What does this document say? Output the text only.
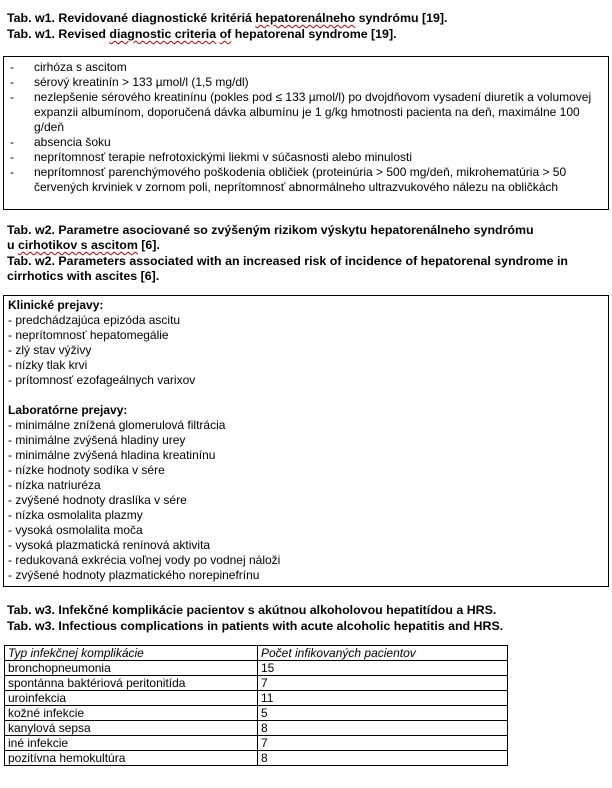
Tab. w1. Revidované diagnostické kritériá hepatorenálneho syndrómu [19].
Tab. w1. Revised diagnostic criteria of hepatorenal syndrome [19].
- cirhóza s ascitom
- sérový kreatinín > 133 µmol/l (1,5 mg/dl)
- nezlepšenie sérového kreatinínu (pokles pod ≤ 133 µmol/l) po dvojdňovom vysadení diuretík a volumovej expanzii albumínom, doporučená dávka albumínu je 1 g/kg hmotnosti pacienta na deň, maximálne 100 g/deň
- absencia šoku
- neprítomnosť terapie nefrotoxickými liekmi v súčasnosti alebo minulosti
- neprítomnosť parenchýmového poškodenia obličiek (proteinúria > 500 mg/deň, mikrohematúria > 50 červených krviniek v zornom poli, neprítomnosť abnormálneho ultrazvukového nálezu na obličkách
Tab. w2. Parametre asociované so zvýšeným rizikom výskytu hepatorenálneho syndrómu
u cirhotikov s ascitom [6].
Tab. w2. Parameters associated with an increased risk of incidence of hepatorenal syndrome in cirrhotics with ascites [6].
Klinické prejavy:
- predchádzajúca epizóda ascitu
- neprítomnosť hepatomegálie
- zlý stav výživy
- nízky tlak krvi
- prítomnosť ezofageálnych varixov
Laboratórne prejavy:
- minimálne znížená glomerulová filtrácia
- minimálne zvýšená hladiny urey
- minimálne zvýšená hladina kreatinínu
- nízke hodnoty sodíka v sére
- nízka natriuréza
- zvýšené hodnoty draslíka v sére
- nízka osmolalita plazmy
- vysoká osmolalita moča
- vysoká plazmatická renínová aktivita
- redukovaná exkrécia voľnej vody po vodnej náloži
- zvýšené hodnoty plazmatického norepinefrínu
Tab. w3. Infekčné komplikácie pacientov s akútnou alkoholovou hepatitídou a HRS.
Tab. w3. Infectious complications in patients with acute alcoholic hepatitis and HRS.
Typ infekčnej komplikácie	Počet infikovaných pacientov
bronchopneumonia	15
spontánna baktériová peritonitída	7
uroinfekcia	11
kožné infekcie	5
kanylová sepsa	8
iné infekcie	7
pozitívna hemokultúra	8
